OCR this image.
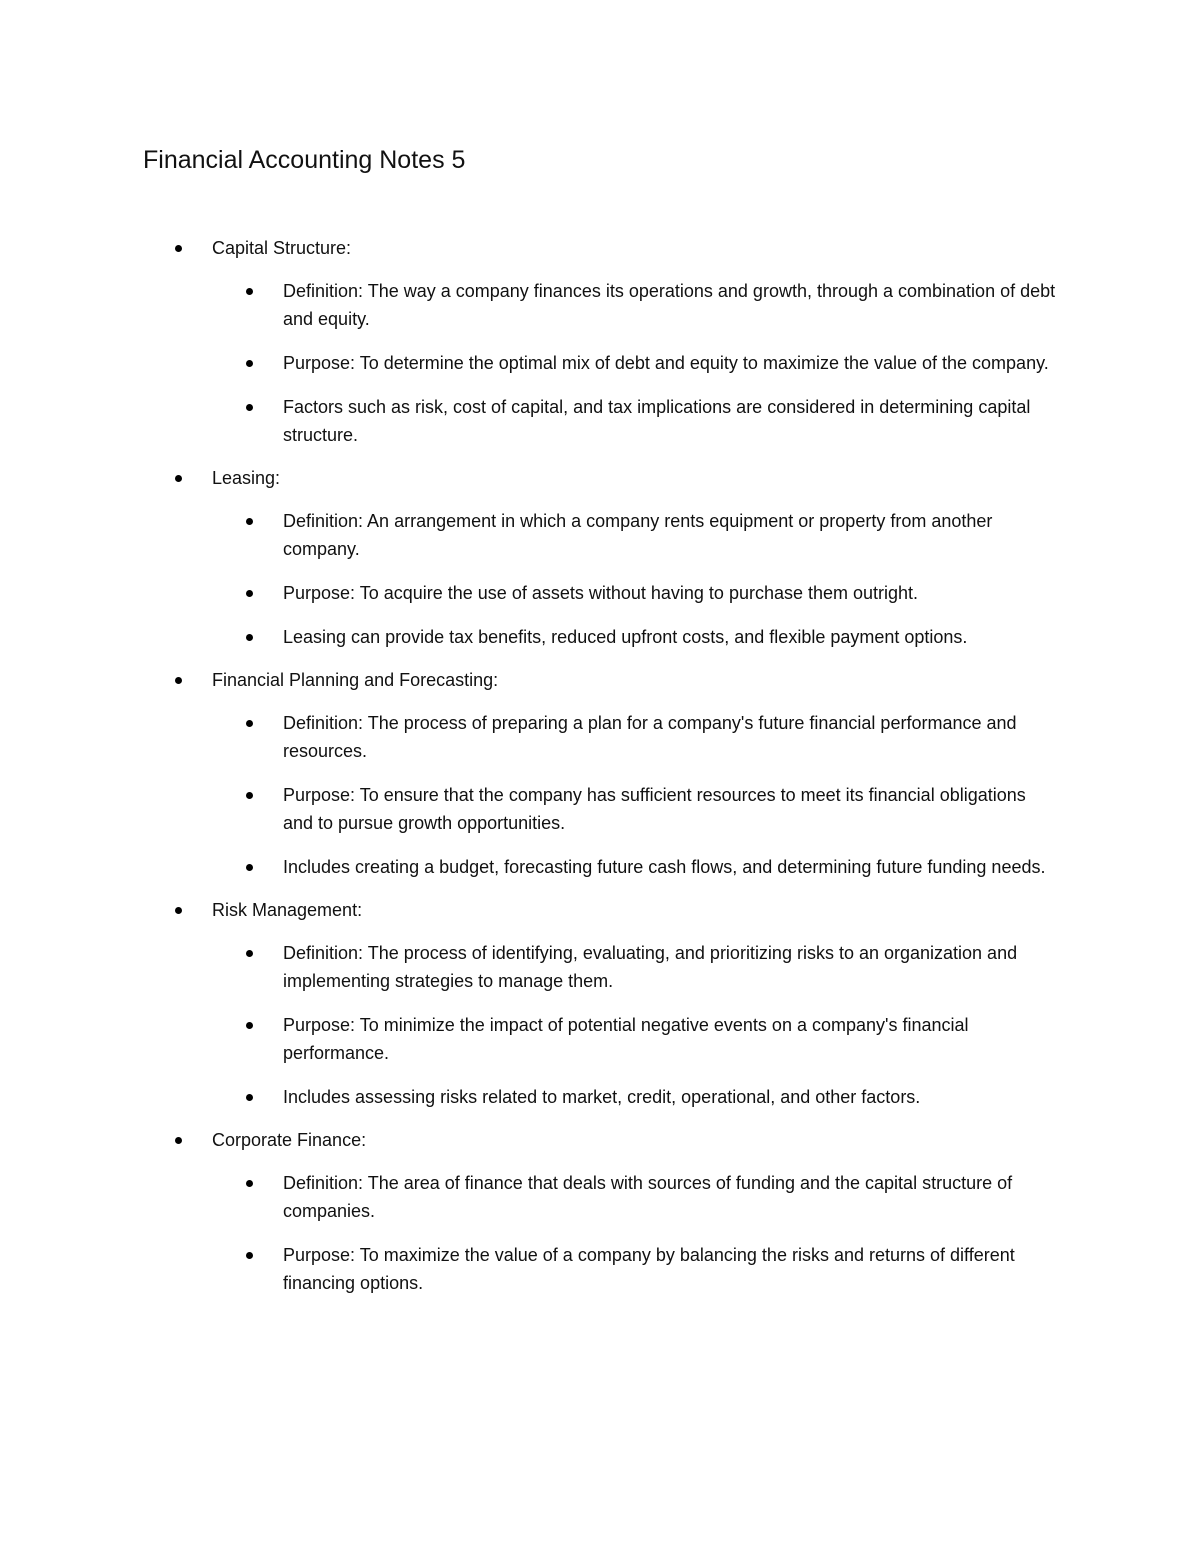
Financial Accounting Notes 5
Capital Structure:
Definition: The way a company finances its operations and growth, through a combination of debt and equity.
Purpose: To determine the optimal mix of debt and equity to maximize the value of the company.
Factors such as risk, cost of capital, and tax implications are considered in determining capital structure.
Leasing:
Definition: An arrangement in which a company rents equipment or property from another company.
Purpose: To acquire the use of assets without having to purchase them outright.
Leasing can provide tax benefits, reduced upfront costs, and flexible payment options.
Financial Planning and Forecasting:
Definition: The process of preparing a plan for a company's future financial performance and resources.
Purpose: To ensure that the company has sufficient resources to meet its financial obligations and to pursue growth opportunities.
Includes creating a budget, forecasting future cash flows, and determining future funding needs.
Risk Management:
Definition: The process of identifying, evaluating, and prioritizing risks to an organization and implementing strategies to manage them.
Purpose: To minimize the impact of potential negative events on a company's financial performance.
Includes assessing risks related to market, credit, operational, and other factors.
Corporate Finance:
Definition: The area of finance that deals with sources of funding and the capital structure of companies.
Purpose: To maximize the value of a company by balancing the risks and returns of different financing options.
